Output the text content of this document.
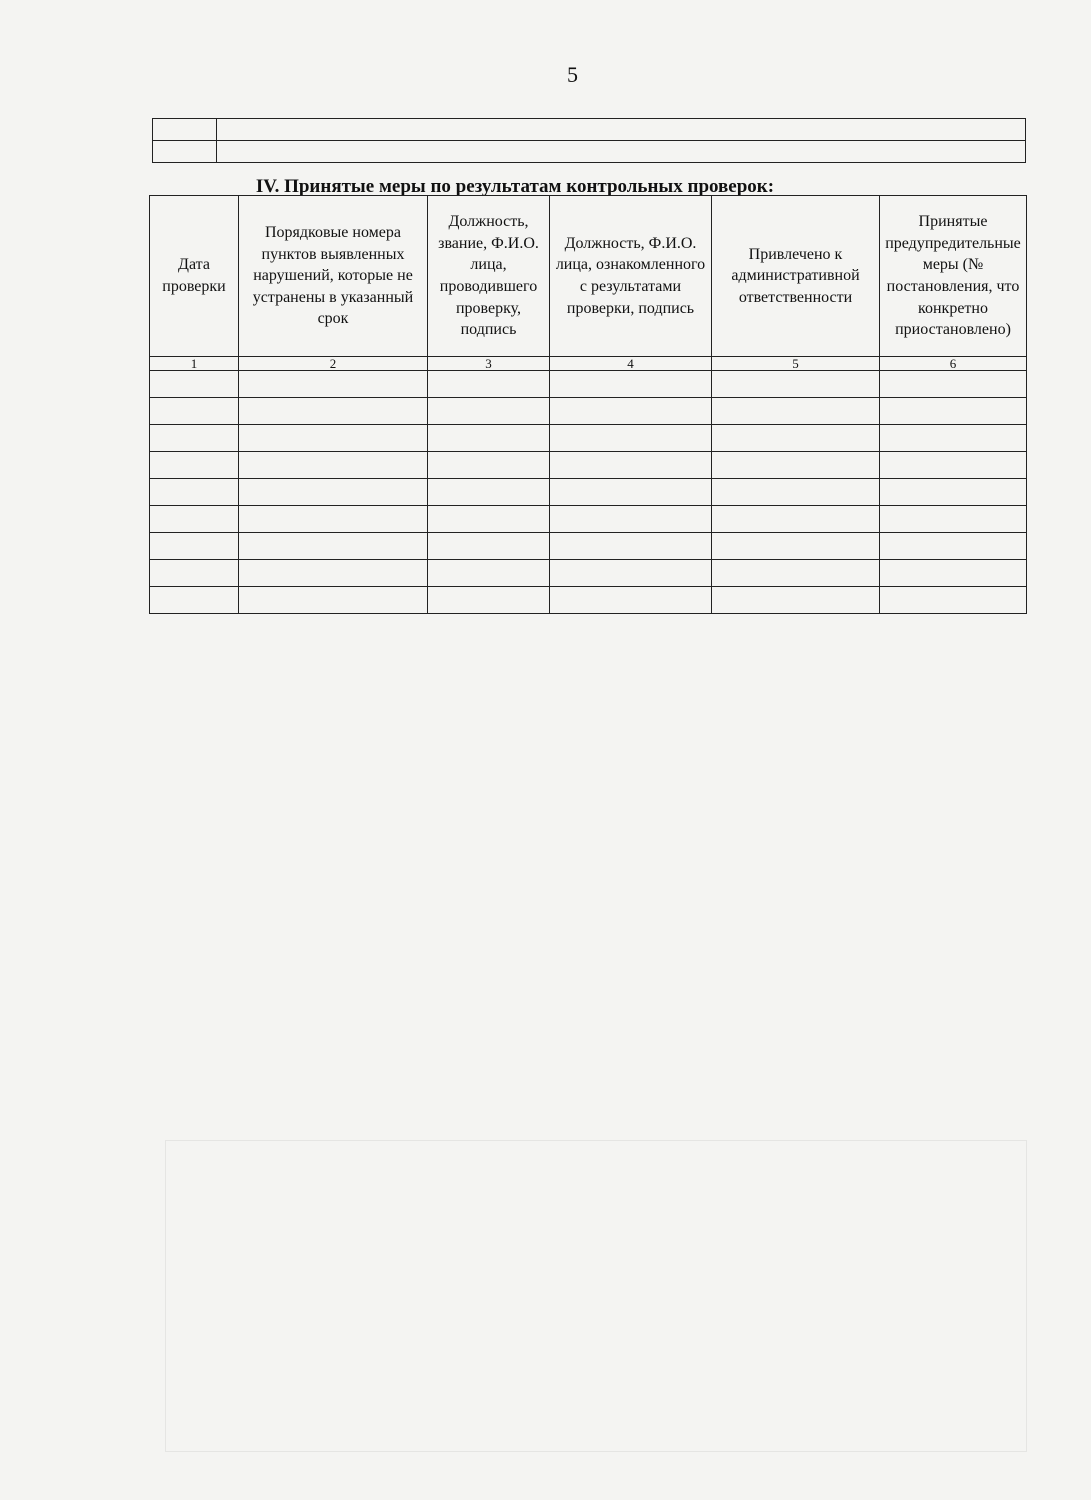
5

IV. Принятые меры по результатам контрольных проверок:
Дата проверки	Порядковые номера пунктов выявленных нарушений, которые не устранены в указанный срок	Должность, звание, Ф.И.О. лица, проводившего проверку, подпись	Должность, Ф.И.О. лица, ознакомленного с результатами проверки, подпись	Привлечено к административной ответственности	Принятые предупредительные меры (№ постановления, что конкретно приостановлено)
1	2	3	4	5	6
